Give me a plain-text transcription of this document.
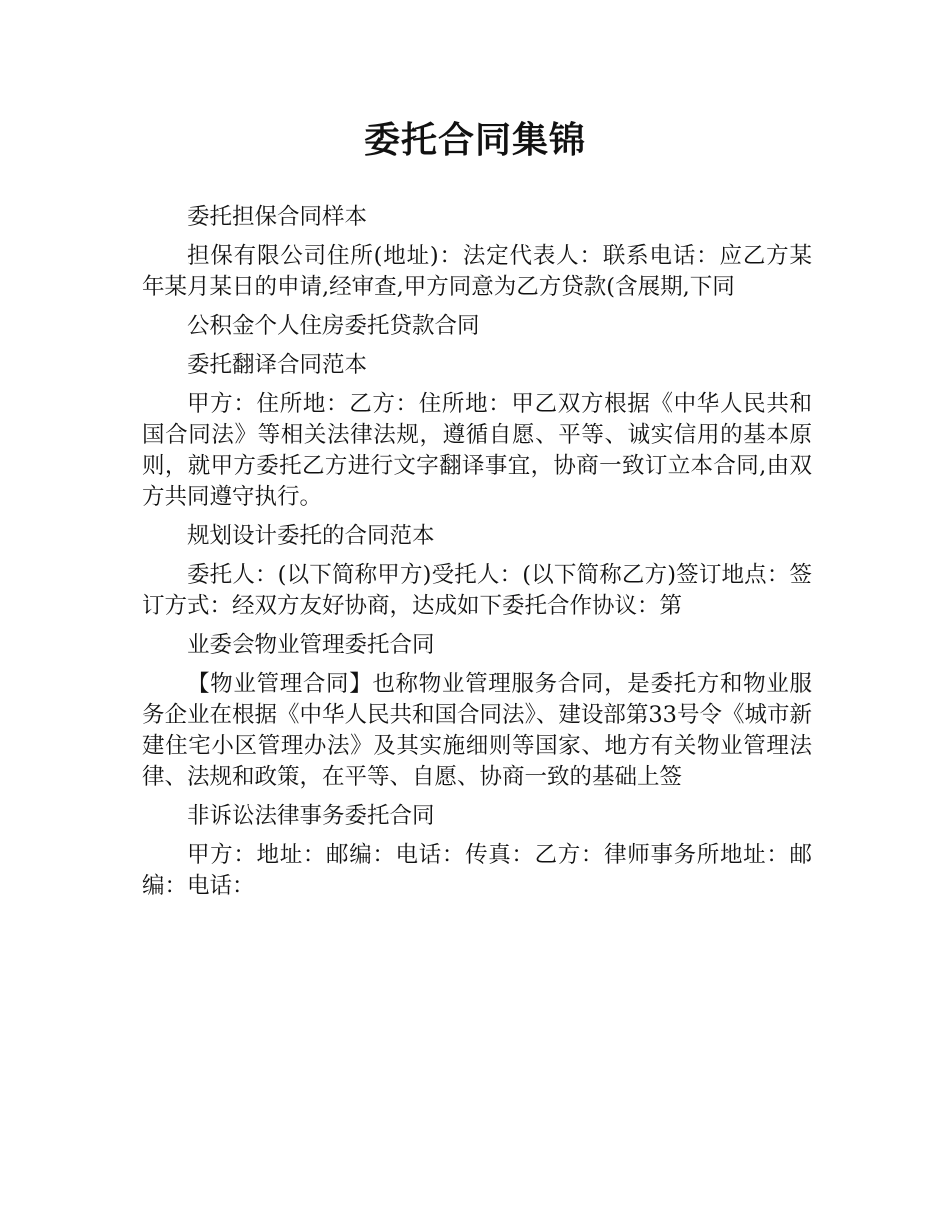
委托合同集锦

委托担保合同样本

担保有限公司住所(地址)：法定代表人：联系电话：应乙方某年某月某日的申请,经审查,甲方同意为乙方贷款(含展期,下同

公积金个人住房委托贷款合同

委托翻译合同范本

甲方：住所地：乙方：住所地：甲乙双方根据《中华人民共和国合同法》等相关法律法规，遵循自愿、平等、诚实信用的基本原则，就甲方委托乙方进行文字翻译事宜，协商一致订立本合同,由双方共同遵守执行。

规划设计委托的合同范本

委托人：(以下简称甲方)受托人：(以下简称乙方)签订地点：签订方式：经双方友好协商，达成如下委托合作协议：第

业委会物业管理委托合同

【物业管理合同】也称物业管理服务合同，是委托方和物业服务企业在根据《中华人民共和国合同法》、建设部第33号令《城市新建住宅小区管理办法》及其实施细则等国家、地方有关物业管理法律、法规和政策，在平等、自愿、协商一致的基础上签

非诉讼法律事务委托合同

甲方：地址：邮编：电话：传真：乙方：律师事务所地址：邮编：电话：
